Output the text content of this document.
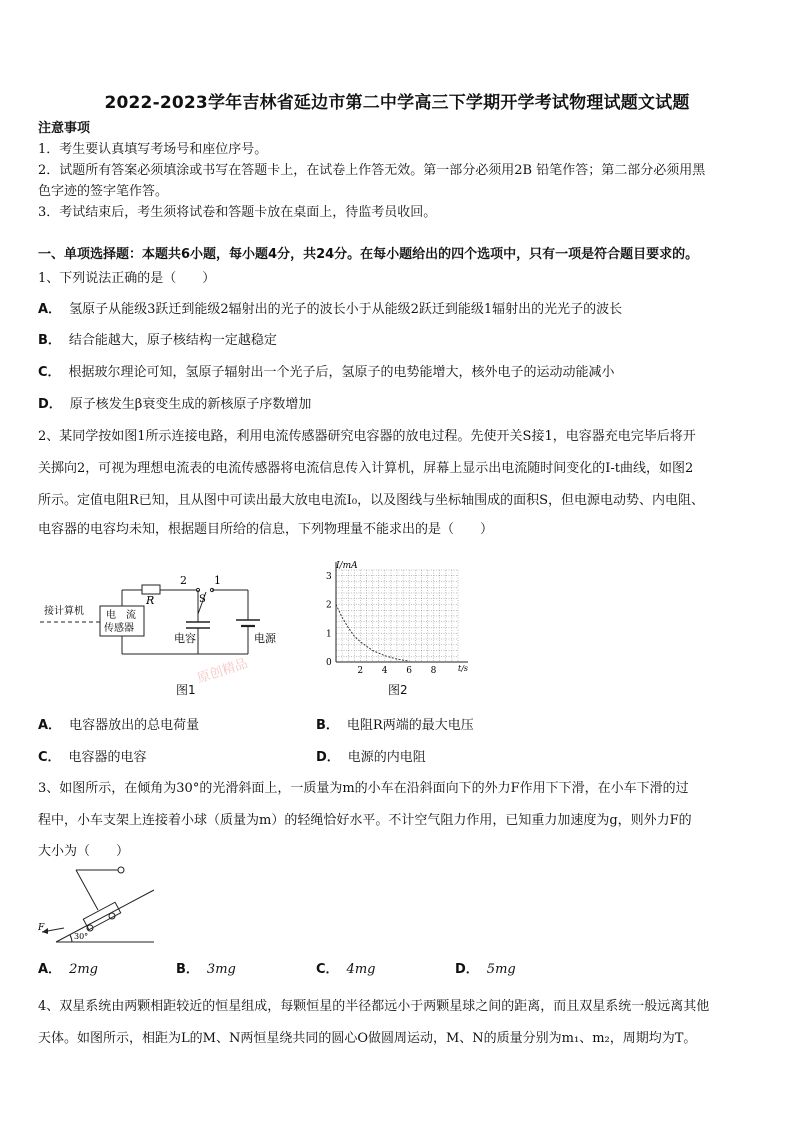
2022-2023学年吉林省延边市第二中学高三下学期开学考试物理试题文试题
注意事项
1．考生要认真填写考场号和座位序号。
2．试题所有答案必须填涂或书写在答题卡上，在试卷上作答无效。第一部分必须用2B 铅笔作答；第二部分必须用黑
色字迹的签字笔作答。
3．考试结束后，考生须将试卷和答题卡放在桌面上，待监考员收回。
一、单项选择题：本题共6小题，每小题4分，共24分。在每小题给出的四个选项中，只有一项是符合题目要求的。
1、下列说法正确的是（　　）
A． 氢原子从能级3跃迁到能级2辐射出的光子的波长小于从能级2跃迁到能级1辐射出的光光子的波长
B． 结合能越大，原子核结构一定越稳定
C． 根据玻尔理论可知，氢原子辐射出一个光子后，氢原子的电势能增大，核外电子的运动动能减小
D． 原子核发生β衰变生成的新核原子序数增加
2、某同学按如图1所示连接电路，利用电流传感器研究电容器的放电过程。先使开关S接1，电容器充电完毕后将开
关掷向2，可视为理想电流表的电流传感器将电流信息传入计算机，屏幕上显示出电流随时间变化的I-t曲线，如图2
所示。定值电阻R已知，且从图中可读出最大放电电流I₀，以及图线与坐标轴围成的面积S，但电源电动势、内电阻、
电容器的电容均未知，根据题目所给的信息，下列物理量不能求出的是（　　）
接计算机 电　流
传感器
R
2 1
S
电容	电源
原创精品
图1
I/mA
t/s
3
2
1
0
2 4 6 8
图2
A． 电容器放出的总电荷量	B． 电阻R两端的最大电压
C． 电容器的电容	D． 电源的内电阻
3、如图所示，在倾角为30°的光滑斜面上，一质量为m的小车在沿斜面向下的外力F作用下下滑，在小车下滑的过
程中，小车支架上连接着小球（质量为m）的轻绳恰好水平。不计空气阻力作用，已知重力加速度为g，则外力F的
大小为（　　）
F
30°
A． 2mg	B． 3mg	C． 4mg	D． 5mg
4、双星系统由两颗相距较近的恒星组成，每颗恒星的半径都远小于两颗星球之间的距离，而且双星系统一般远离其他
天体。如图所示，相距为L的M、N两恒星绕共同的圆心O做圆周运动，M、N的质量分别为m₁、m₂，周期均为T。
